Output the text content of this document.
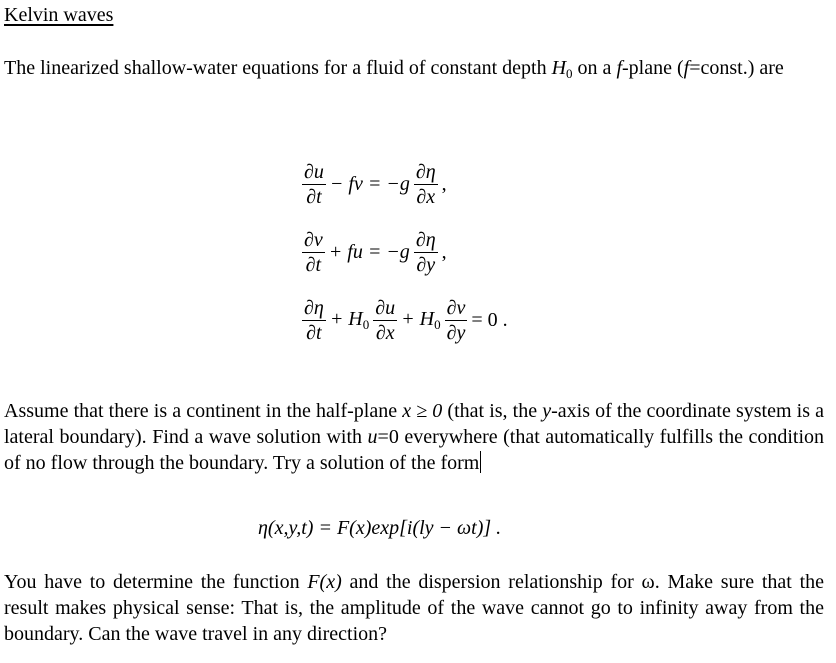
Kelvin waves
The linearized shallow-water equations for a fluid of constant depth $H_0$ on a f-plane (f=const.) are
$\frac{\partial u}{\partial t}$ − fv = $-g \frac{\partial\eta}{\partial x}$ ,
$\frac{\partial v}{\partial t}$ + fu = $-g \frac{\partial\eta}{\partial y}$ ,
$\frac{\partial\eta}{\partial t} + H_0 \frac{\partial u}{\partial x} + H_0 \frac{\partial v}{\partial y} = 0$ .
Assume that there is a continent in the half-plane x ≥ 0 (that is, the y-axis of the coordinate system is a lateral boundary). Find a wave solution with u=0 everywhere (that automatically fulfills the condition of no flow through the boundary. Try a solution of the form
η(x,y,t) = F(x)exp[i(ly − ωt)] .
You have to determine the function F(x) and the dispersion relationship for ω. Make sure that the result makes physical sense: That is, the amplitude of the wave cannot go to infinity away from the boundary. Can the wave travel in any direction?
